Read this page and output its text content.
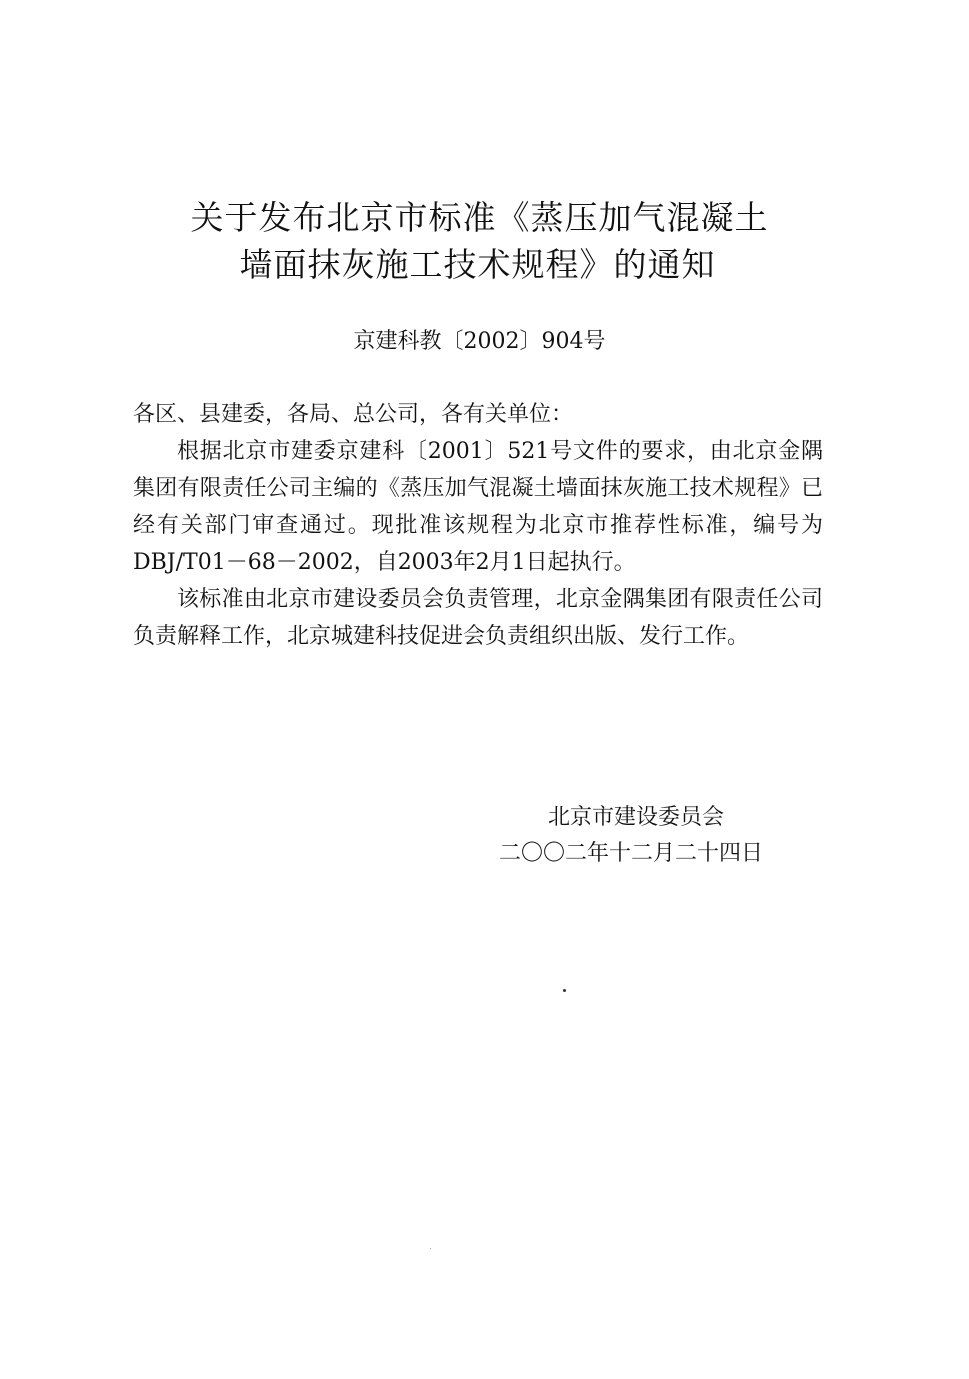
关于发布北京市标准《蒸压加气混凝土
墙面抹灰施工技术规程》的通知
京建科教〔2002〕904号

各区、县建委，各局、总公司，各有关单位：

根据北京市建委京建科〔2001〕521号文件的要求，由北京金隅集团有限责任公司主编的《蒸压加气混凝土墙面抹灰施工技术规程》已经有关部门审查通过。现批准该规程为北京市推荐性标准，编号为DBJ/T01－68－2002，自2003年2月1日起执行。

该标准由北京市建设委员会负责管理，北京金隅集团有限责任公司负责解释工作，北京城建科技促进会负责组织出版、发行工作。

北京市建设委员会
二〇〇二年十二月二十四日
